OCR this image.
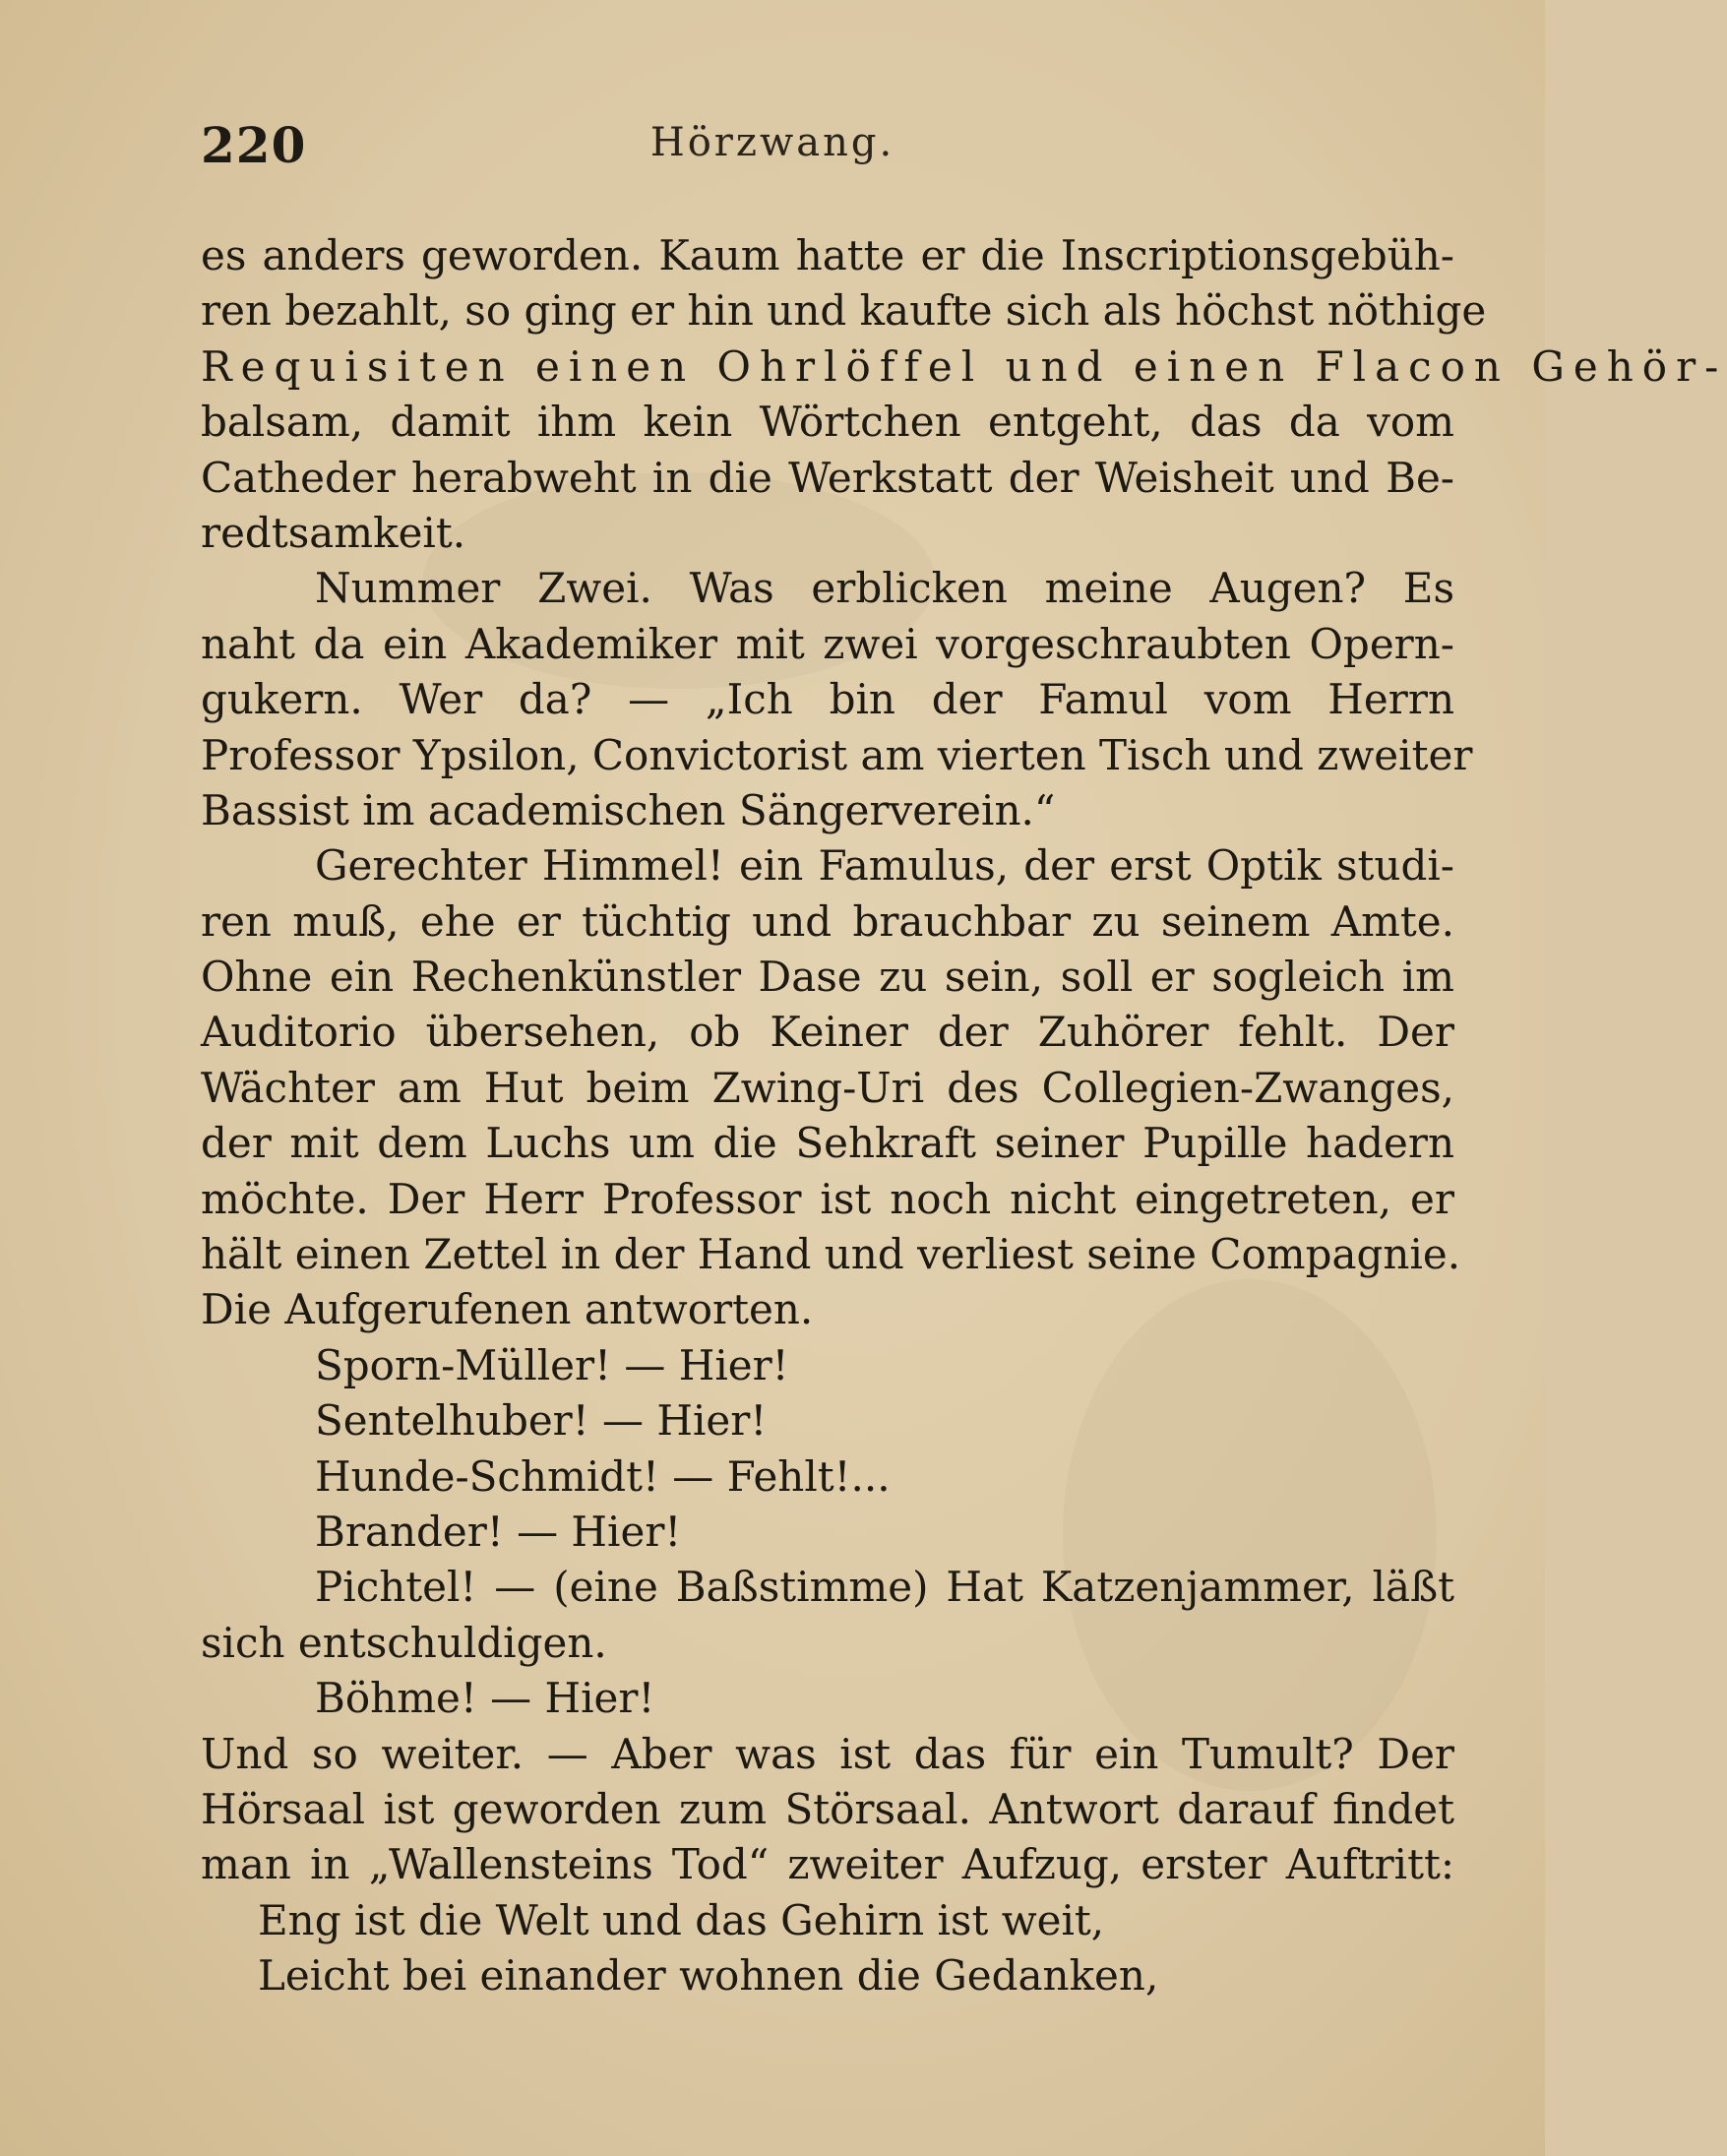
220	Hörzwang.
es anders geworden. Kaum hatte er die Inscriptionsgebüh-
ren bezahlt, so ging er hin und kaufte sich als höchst nöthige
Requisiten einen Ohrlöffel und einen Flacon Gehör-
balsam, damit ihm kein Wörtchen entgeht, das da vom
Catheder herabweht in die Werkstatt der Weisheit und Be-
redtsamkeit.
Nummer Zwei. Was erblicken meine Augen? Es
naht da ein Akademiker mit zwei vorgeschraubten Opern-
gukern. Wer da? — „Ich bin der Famul vom Herrn
Professor Ypsilon, Convictorist am vierten Tisch und zweiter
Bassist im academischen Sängerverein.“
Gerechter Himmel! ein Famulus, der erst Optik studi-
ren muß, ehe er tüchtig und brauchbar zu seinem Amte.
Ohne ein Rechenkünstler Dase zu sein, soll er sogleich im
Auditorio übersehen, ob Keiner der Zuhörer fehlt. Der
Wächter am Hut beim Zwing-Uri des Collegien-Zwanges,
der mit dem Luchs um die Sehkraft seiner Pupille hadern
möchte. Der Herr Professor ist noch nicht eingetreten, er
hält einen Zettel in der Hand und verliest seine Compagnie.
Die Aufgerufenen antworten.
Sporn-Müller! — Hier!
Sentelhuber! — Hier!
Hunde-Schmidt! — Fehlt!...
Brander! — Hier!
Pichtel! — (eine Baßstimme) Hat Katzenjammer, läßt
sich entschuldigen.
Böhme! — Hier!
Und so weiter. — Aber was ist das für ein Tumult? Der
Hörsaal ist geworden zum Störsaal. Antwort darauf findet
man in „Wallensteins Tod“ zweiter Aufzug, erster Auftritt:
Eng ist die Welt und das Gehirn ist weit,
Leicht bei einander wohnen die Gedanken,
